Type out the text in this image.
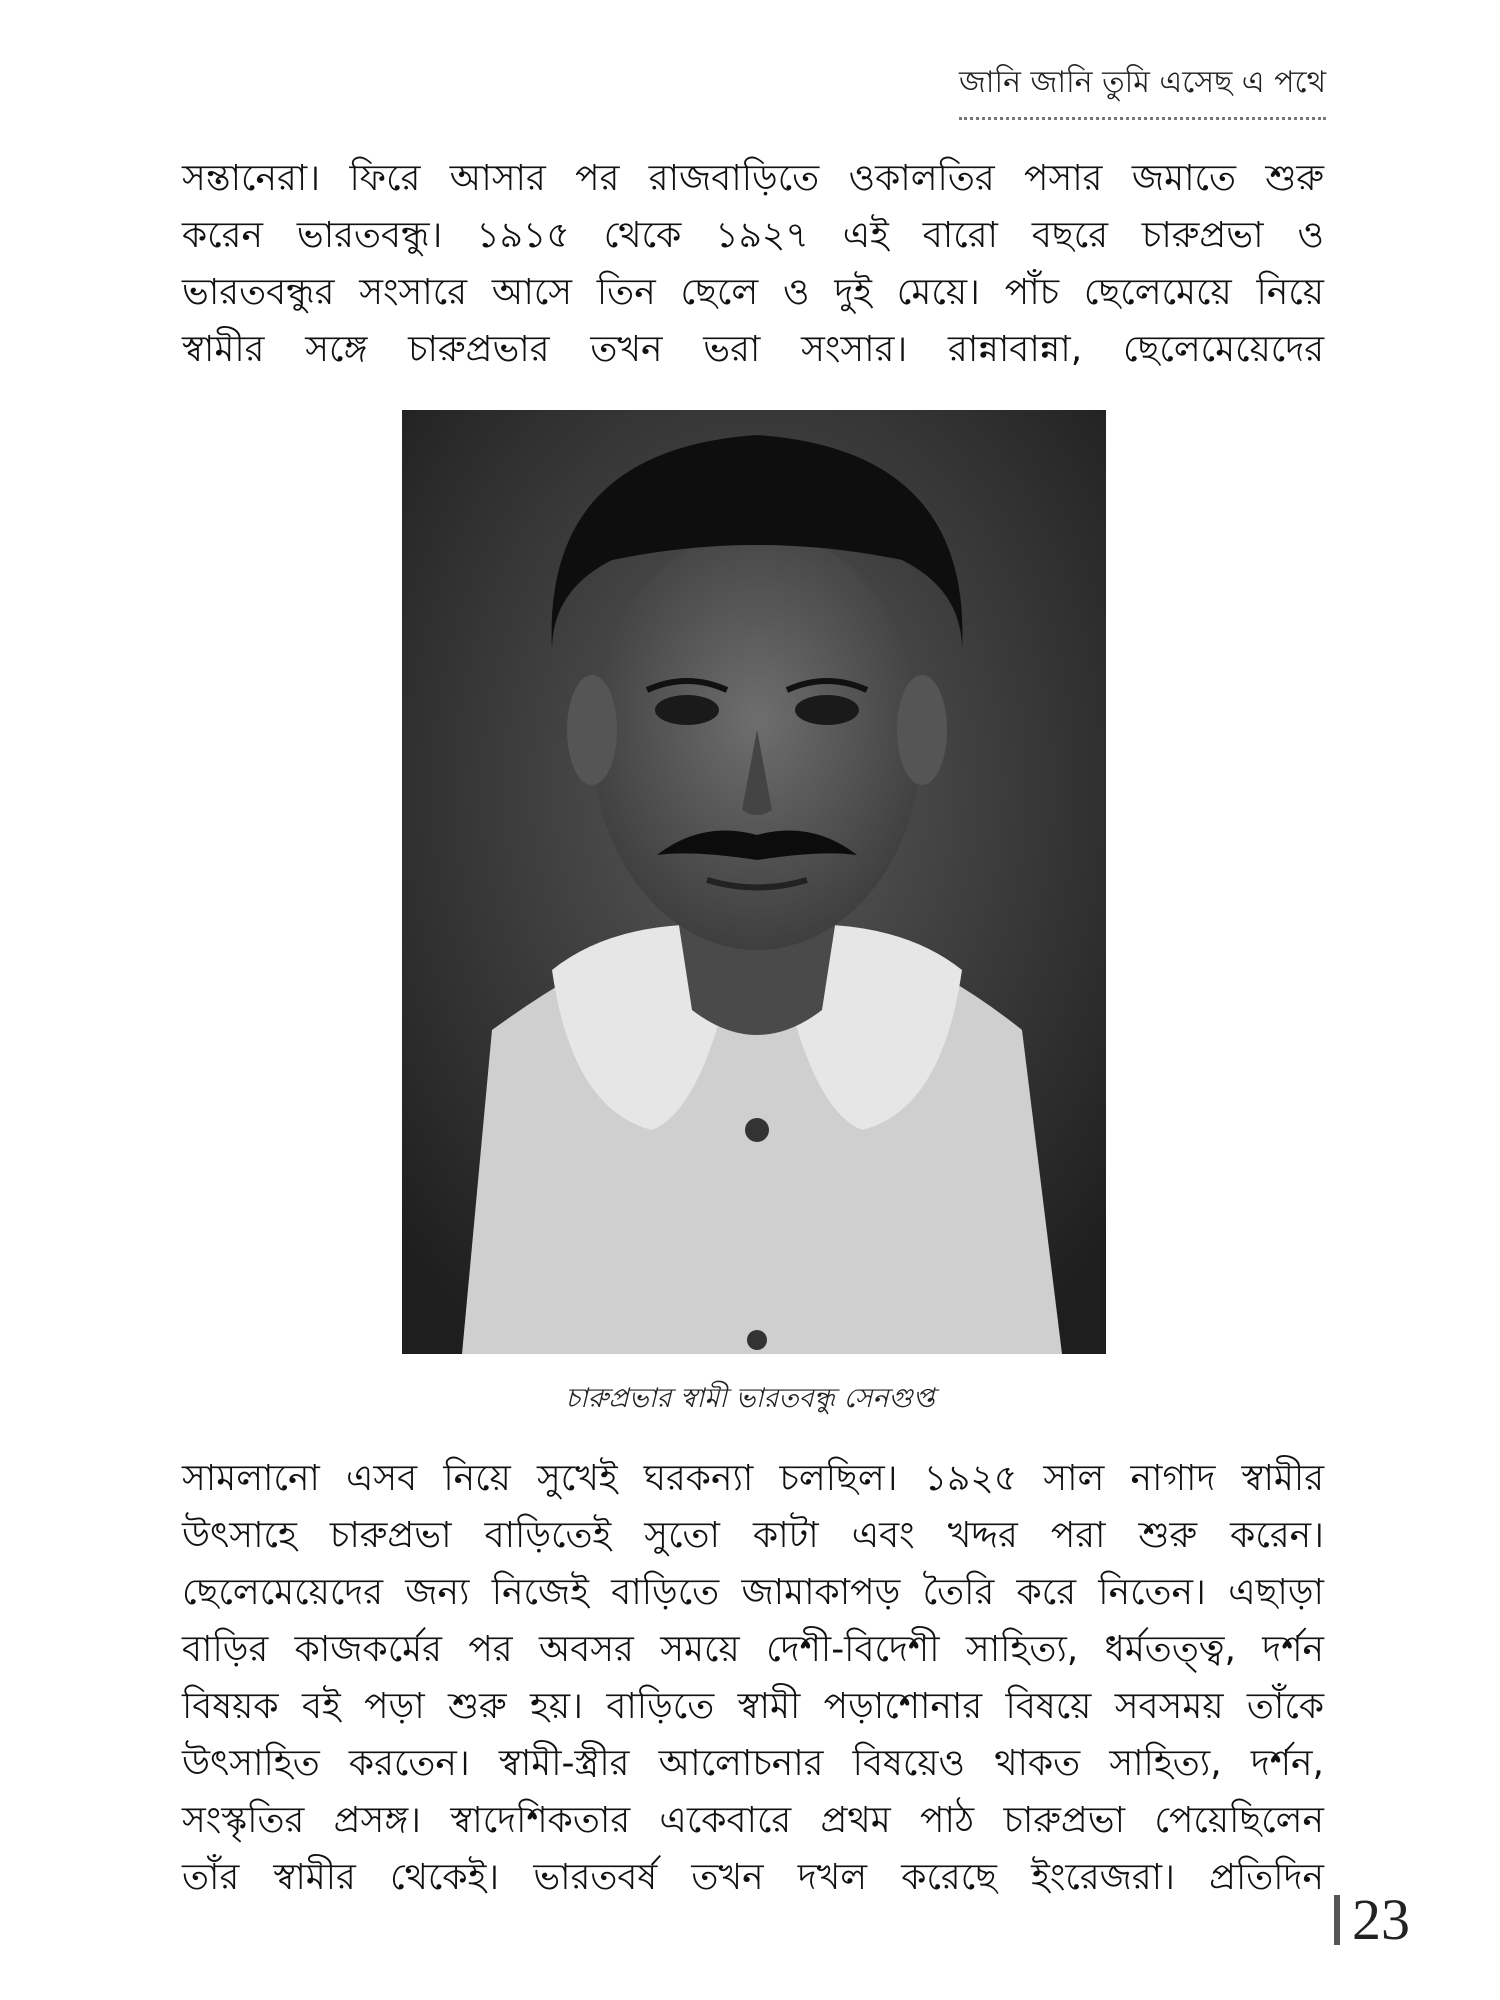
জানি জানি তুমি এসেছ এ পথে

সন্তানেরা। ফিরে আসার পর রাজবাড়িতে ওকালতির পসার জমাতে শুরু
করেন ভারতবন্ধু। ১৯১৫ থেকে ১৯২৭ এই বারো বছরে চারুপ্রভা ও
ভারতবন্ধুর সংসারে আসে তিন ছেলে ও দুই মেয়ে। পাঁচ ছেলেমেয়ে নিয়ে
স্বামীর সঙ্গে চারুপ্রভার তখন ভরা সংসার। রান্নাবান্না, ছেলেমেয়েদের

চারুপ্রভার স্বামী ভারতবন্ধু সেনগুপ্ত

সামলানো এসব নিয়ে সুখেই ঘরকন্যা চলছিল। ১৯২৫ সাল নাগাদ স্বামীর
উৎসাহে চারুপ্রভা বাড়িতেই সুতো কাটা এবং খদ্দর পরা শুরু করেন।
ছেলেমেয়েদের জন্য নিজেই বাড়িতে জামাকাপড় তৈরি করে নিতেন। এছাড়া
বাড়ির কাজকর্মের পর অবসর সময়ে দেশী-বিদেশী সাহিত্য, ধর্মতত্ত্ব, দর্শন
বিষয়ক বই পড়া শুরু হয়। বাড়িতে স্বামী পড়াশোনার বিষয়ে সবসময় তাঁকে
উৎসাহিত করতেন। স্বামী-স্ত্রীর আলোচনার বিষয়েও থাকত সাহিত্য, দর্শন,
সংস্কৃতির প্রসঙ্গ। স্বাদেশিকতার একেবারে প্রথম পাঠ চারুপ্রভা পেয়েছিলেন
তাঁর স্বামীর থেকেই। ভারতবর্ষ তখন দখল করেছে ইংরেজরা। প্রতিদিন

23
